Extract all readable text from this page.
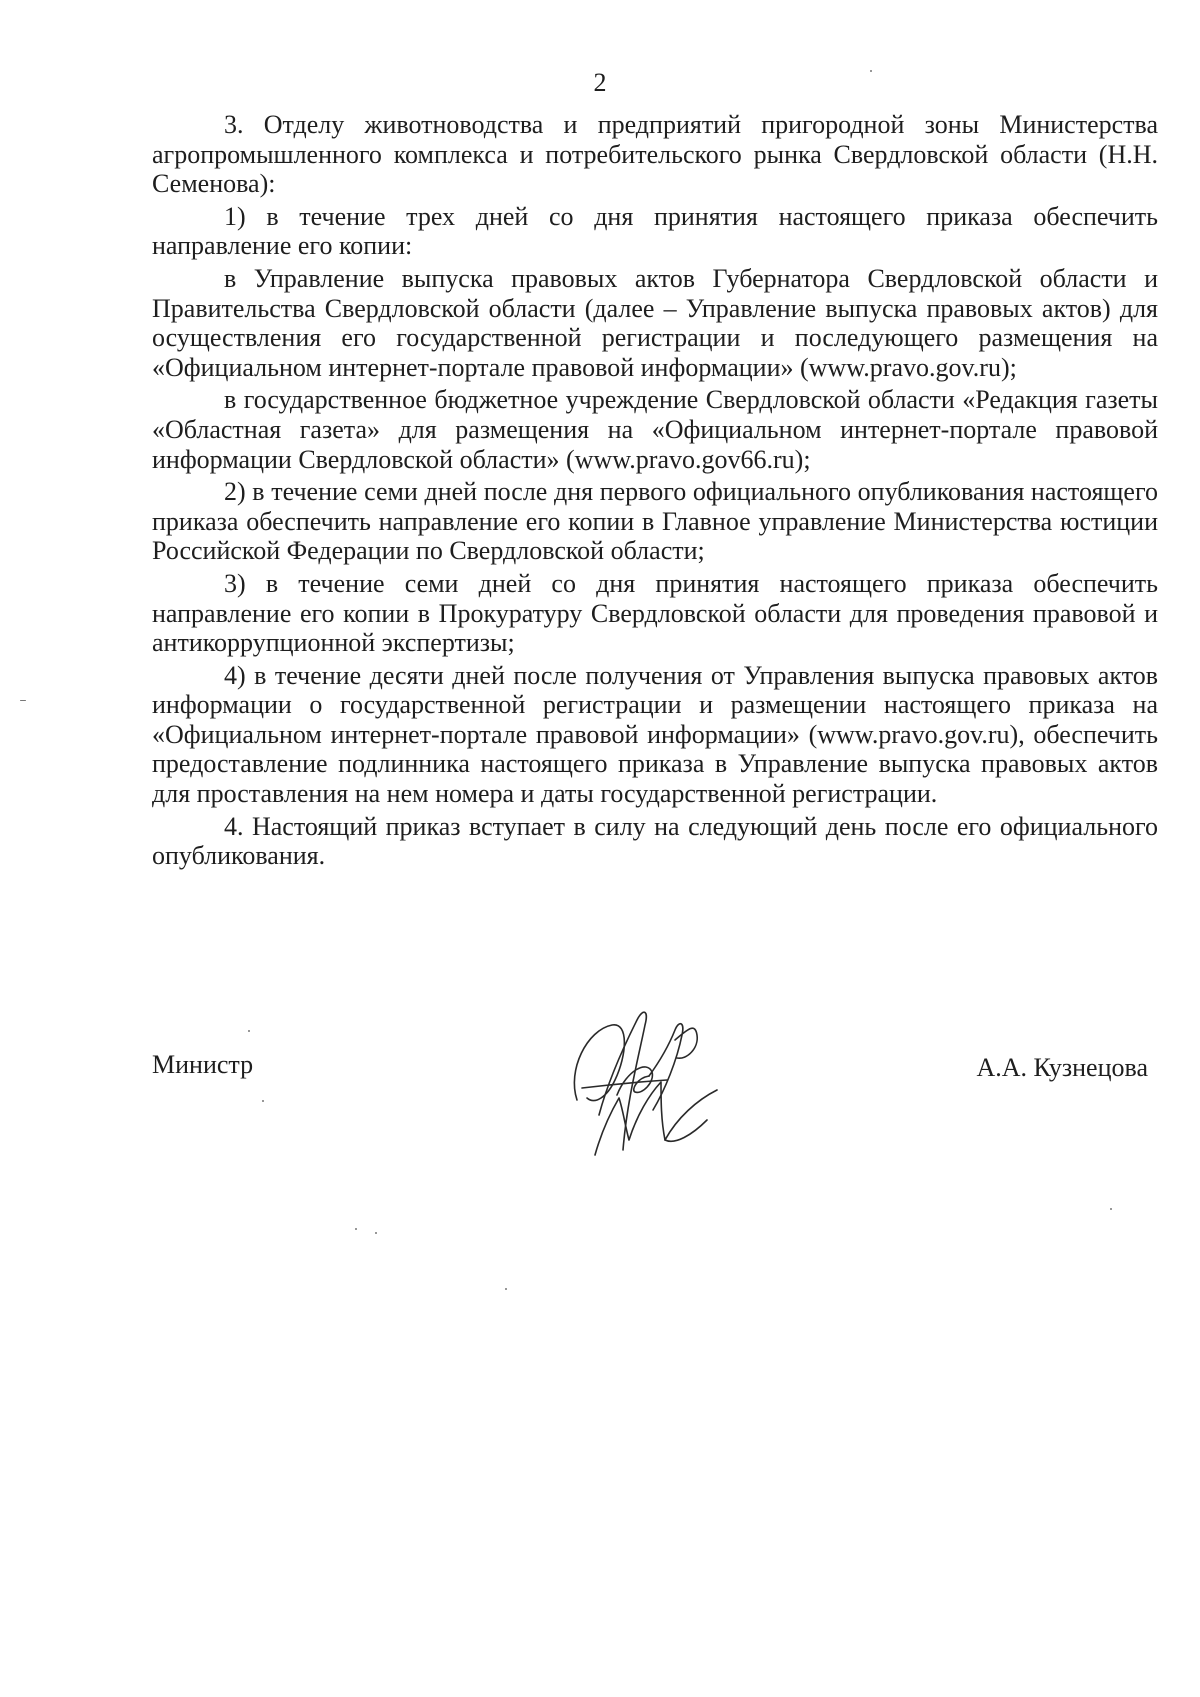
2

3. Отделу животноводства и предприятий пригородной зоны Министерства агропромышленного комплекса и потребительского рынка Свердловской области (Н.Н. Семенова):

1) в течение трех дней со дня принятия настоящего приказа обеспечить направление его копии:

в Управление выпуска правовых актов Губернатора Свердловской области и Правительства Свердловской области (далее – Управление выпуска правовых актов) для осуществления его государственной регистрации и последующего размещения на «Официальном интернет-портале правовой информации» (www.pravo.gov.ru);

в государственное бюджетное учреждение Свердловской области «Редакция газеты «Областная газета» для размещения на «Официальном интернет-портале правовой информации Свердловской области» (www.pravo.gov66.ru);

2) в течение семи дней после дня первого официального опубликования настоящего приказа обеспечить направление его копии в Главное управление Министерства юстиции Российской Федерации по Свердловской области;

3) в течение семи дней со дня принятия настоящего приказа обеспечить направление его копии в Прокуратуру Свердловской области для проведения правовой и антикоррупционной экспертизы;

4) в течение десяти дней после получения от Управления выпуска правовых актов информации о государственной регистрации и размещении настоящего приказа на «Официальном интернет-портале правовой информации» (www.pravo.gov.ru), обеспечить предоставление подлинника настоящего приказа в Управление выпуска правовых актов для проставления на нем номера и даты государственной регистрации.

4. Настоящий приказ вступает в силу на следующий день после его официального опубликования.

Министр	А.А. Кузнецова
